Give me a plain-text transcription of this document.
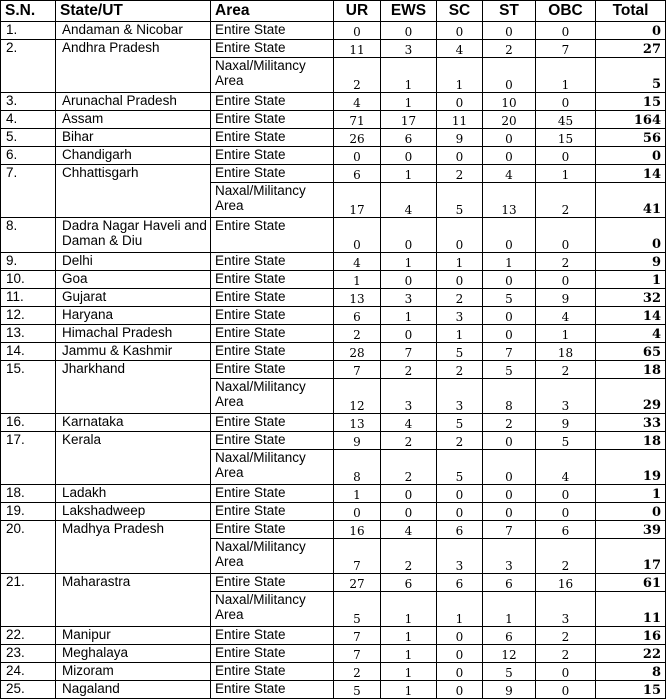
S.N.	State/UT	Area	UR	EWS	SC	ST	OBC	Total
1.	Andaman & Nicobar	Entire State	0	0	0	0	0	0
2.	Andhra Pradesh	Entire State	11	3	4	2	7	27
		Naxal/Militancy Area	2	1	1	0	1	5
3.	Arunachal Pradesh	Entire State	4	1	0	10	0	15
4.	Assam	Entire State	71	17	11	20	45	164
5.	Bihar	Entire State	26	6	9	0	15	56
6.	Chandigarh	Entire State	0	0	0	0	0	0
7.	Chhattisgarh	Entire State	6	1	2	4	1	14
		Naxal/Militancy Area	17	4	5	13	2	41
8.	Dadra Nagar Haveli and Daman & Diu	Entire State	0	0	0	0	0	0
9.	Delhi	Entire State	4	1	1	1	2	9
10.	Goa	Entire State	1	0	0	0	0	1
11.	Gujarat	Entire State	13	3	2	5	9	32
12.	Haryana	Entire State	6	1	3	0	4	14
13.	Himachal Pradesh	Entire State	2	0	1	0	1	4
14.	Jammu & Kashmir	Entire State	28	7	5	7	18	65
15.	Jharkhand	Entire State	7	2	2	5	2	18
		Naxal/Militancy Area	12	3	3	8	3	29
16.	Karnataka	Entire State	13	4	5	2	9	33
17.	Kerala	Entire State	9	2	2	0	5	18
		Naxal/Militancy Area	8	2	5	0	4	19
18.	Ladakh	Entire State	1	0	0	0	0	1
19.	Lakshadweep	Entire State	0	0	0	0	0	0
20.	Madhya Pradesh	Entire State	16	4	6	7	6	39
		Naxal/Militancy Area	7	2	3	3	2	17
21.	Maharastra	Entire State	27	6	6	6	16	61
		Naxal/Militancy Area	5	1	1	1	3	11
22.	Manipur	Entire State	7	1	0	6	2	16
23.	Meghalaya	Entire State	7	1	0	12	2	22
24.	Mizoram	Entire State	2	1	0	5	0	8
25.	Nagaland	Entire State	5	1	0	9	0	15
